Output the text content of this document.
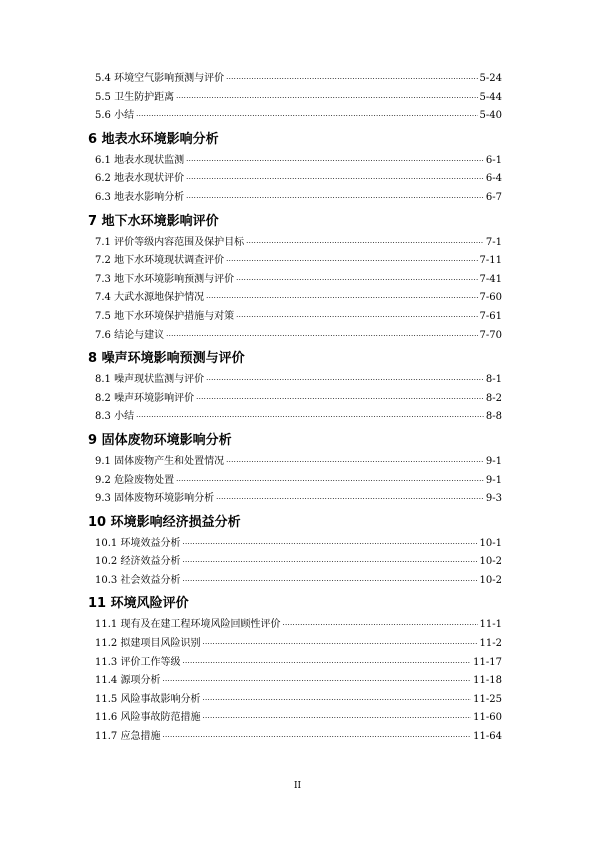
5.4 环境空气影响预测与评价 ·····	5-24
5.5 卫生防护距离 ·····	5-44
5.6 小结 ·····	5-40
6 地表水环境影响分析
6.1 地表水现状监测 ·····	6-1
6.2 地表水现状评价 ·····	6-4
6.3 地表水影响分析 ·····	6-7
7 地下水环境影响评价
7.1 评价等级内容范围及保护目标 ·····	7-1
7.2 地下水环境现状调查评价 ·····	7-11
7.3 地下水环境影响预测与评价 ·····	7-41
7.4 大武水源地保护情况 ·····	7-60
7.5 地下水环境保护措施与对策 ·····	7-61
7.6 结论与建议 ·····	7-70
8 噪声环境影响预测与评价
8.1 噪声现状监测与评价 ·····	8-1
8.2 噪声环境影响评价 ·····	8-2
8.3 小结 ·····	8-8
9 固体废物环境影响分析
9.1 固体废物产生和处置情况 ·····	9-1
9.2 危险废物处置 ·····	9-1
9.3 固体废物环境影响分析 ·····	9-3
10 环境影响经济损益分析
10.1 环境效益分析 ·····	10-1
10.2 经济效益分析 ·····	10-2
10.3 社会效益分析 ·····	10-2
11 环境风险评价
11.1 现有及在建工程环境风险回顾性评价 ·····	11-1
11.2 拟建项目风险识别 ·····	11-2
11.3 评价工作等级 ·····	11-17
11.4 源项分析 ·····	11-18
11.5 风险事故影响分析 ·····	11-25
11.6 风险事故防范措施 ·····	11-60
11.7 应急措施 ·····	11-64
II
